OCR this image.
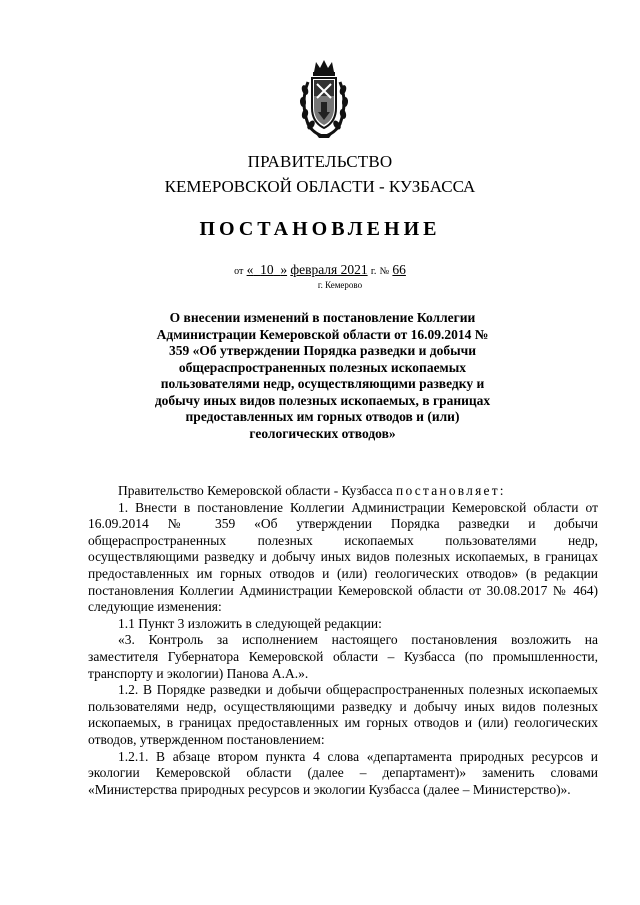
ПРАВИТЕЛЬСТВО
КЕМЕРОВСКОЙ ОБЛАСТИ - КУЗБАССА
ПОСТАНОВЛЕНИЕ
от « 10 » февраля 2021 г. № 66
г. Кемерово
О внесении изменений в постановление Коллегии Администрации Кемеровской области от 16.09.2014 № 359 «Об утверждении Порядка разведки и добычи общераспространенных полезных ископаемых пользователями недр, осуществляющими разведку и добычу иных видов полезных ископаемых, в границах предоставленных им горных отводов и (или) геологических отводов»

Правительство Кемеровской области - Кузбасса постановляет:

1. Внести в постановление Коллегии Администрации Кемеровской области от 16.09.2014 № 359 «Об утверждении Порядка разведки и добычи общераспространенных полезных ископаемых пользователями недр, осуществляющими разведку и добычу иных видов полезных ископаемых, в границах предоставленных им горных отводов и (или) геологических отводов» (в редакции постановления Коллегии Администрации Кемеровской области от 30.08.2017 № 464) следующие изменения:

1.1 Пункт 3 изложить в следующей редакции:

«3. Контроль за исполнением настоящего постановления возложить на заместителя Губернатора Кемеровской области – Кузбасса (по промышленности, транспорту и экологии) Панова А.А.».

1.2. В Порядке разведки и добычи общераспространенных полезных ископаемых пользователями недр, осуществляющими разведку и добычу иных видов полезных ископаемых, в границах предоставленных им горных отводов и (или) геологических отводов, утвержденном постановлением:

1.2.1. В абзаце втором пункта 4 слова «департамента природных ресурсов и экологии Кемеровской области (далее – департамент)» заменить словами «Министерства природных ресурсов и экологии Кузбасса (далее – Министерство)».
